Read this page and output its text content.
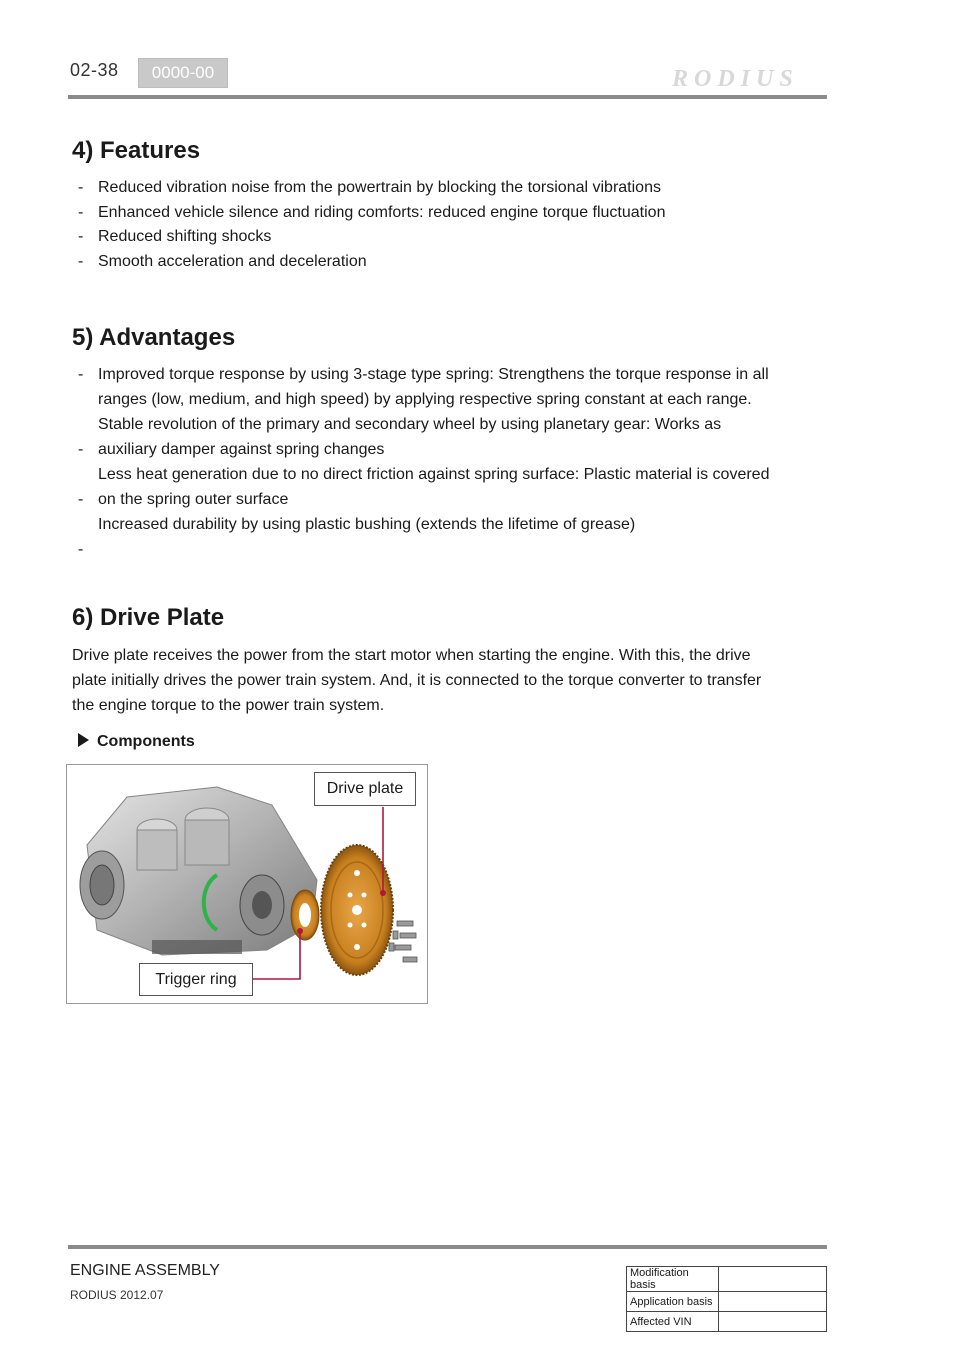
02-38	0000-00	RODIUS
4) Features
- Reduced vibration noise from the powertrain by blocking the torsional vibrations
- Enhanced vehicle silence and riding comforts: reduced engine torque fluctuation
- Reduced shifting shocks
- Smooth acceleration and deceleration
5) Advantages
- Improved torque response by using 3-stage type spring: Strengthens the torque response in all
ranges (low, medium, and high speed) by applying respective spring constant at each range.
-
Stable revolution of the primary and secondary wheel by using planetary gear: Works as
auxiliary damper against spring changes
-
Less heat generation due to no direct friction against spring surface: Plastic material is covered
on the spring outer surface
-
Increased durability by using plastic bushing (extends the lifetime of grease)
6) Drive Plate

Drive plate receives the power from the start motor when starting the engine. With this, the drive plate initially drives the power train system. And, it is connected to the torque converter to transfer the engine torque to the power train system.

Components
Drive plate
Trigger ring
ENGINE ASSEMBLY
RODIUS 2012.07
Modification basis	
Application basis	
Affected VIN	
